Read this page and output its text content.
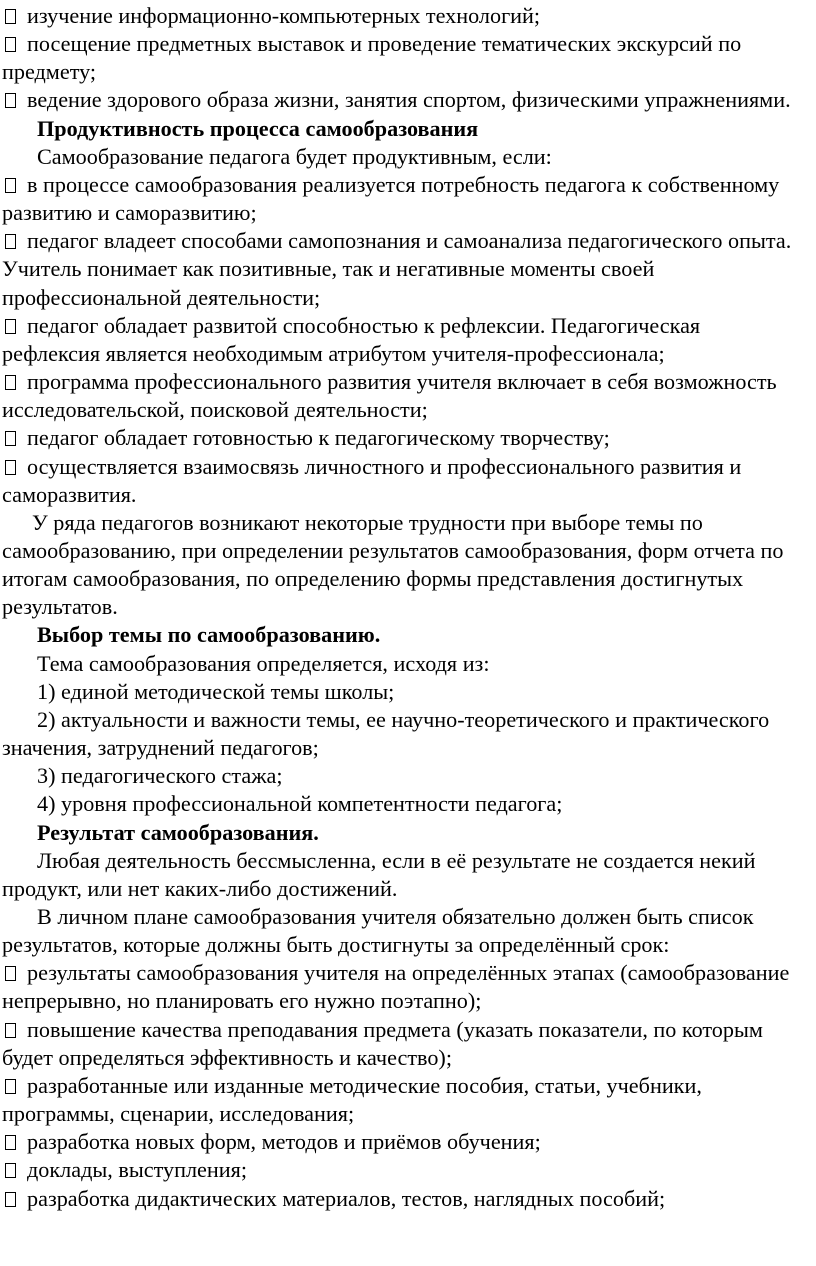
изучение информационно-компьютерных технологий;

посещение предметных выставок и проведение тематических экскурсий по предмету;

ведение здорового образа жизни, занятия спортом, физическими упражнениями.

Продуктивность процесса самообразования

Самообразование педагога будет продуктивным, если:

в процессе самообразования реализуется потребность педагога к собственному развитию и саморазвитию;

педагог владеет способами самопознания и самоанализа педагогического опыта. Учитель понимает как позитивные, так и негативные моменты своей профессиональной деятельности;

педагог обладает развитой способностью к рефлексии. Педагогическая рефлексия является необходимым атрибутом учителя-профессионала;

программа профессионального развития учителя включает в себя возможность исследовательской, поисковой деятельности;

педагог обладает готовностью к педагогическому творчеству;

осуществляется взаимосвязь личностного и профессионального развития и саморазвития.

У ряда педагогов возникают некоторые трудности при выборе темы по самообразованию, при определении результатов самообразования, форм отчета по итогам самообразования, по определению формы представления достигнутых результатов.

Выбор темы по самообразованию.

Тема самообразования определяется, исходя из:

1) единой методической темы школы;

2) актуальности и важности темы, ее научно-теоретического и практического значения, затруднений педагогов;

3) педагогического стажа;

4) уровня профессиональной компетентности педагога;

Результат самообразования.

Любая деятельность бессмысленна, если в её результате не создается некий продукт, или нет каких-либо достижений.

В личном плане самообразования учителя обязательно должен быть список результатов, которые должны быть достигнуты за определённый срок:

результаты самообразования учителя на определённых этапах (самообразование непрерывно, но планировать его нужно поэтапно);

повышение качества преподавания предмета (указать показатели, по которым будет определяться эффективность и качество);

разработанные или изданные методические пособия, статьи, учебники, программы, сценарии, исследования;

разработка новых форм, методов и приёмов обучения;

доклады, выступления;

разработка дидактических материалов, тестов, наглядных пособий;
